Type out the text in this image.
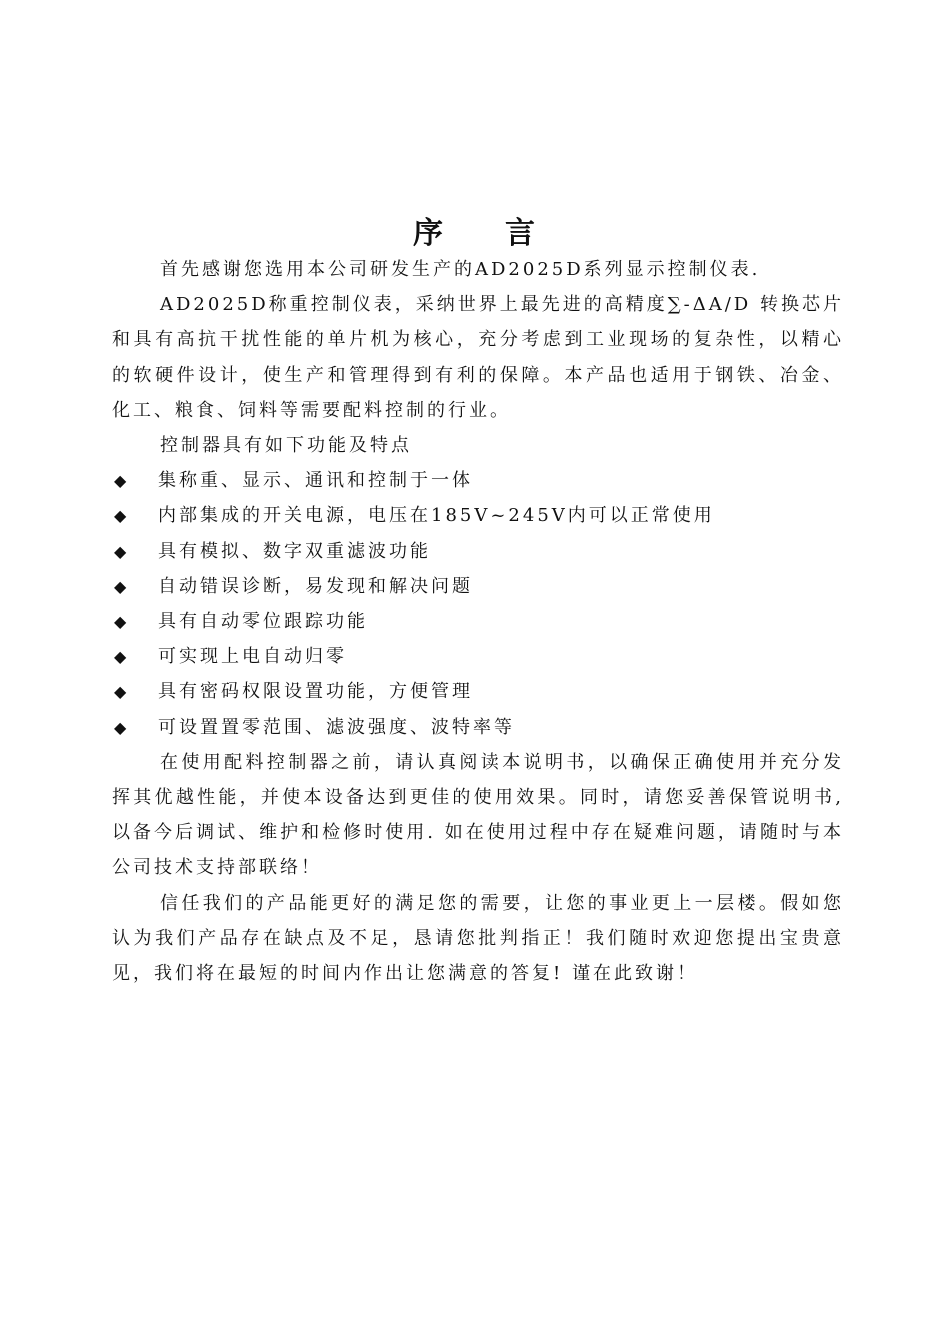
序 言

首先感谢您选用本公司研发生产的AD2025D系列显示控制仪表.

AD2025D称重控制仪表，采纳世界上最先进的高精度∑-ΔA/D 转换芯片和具有高抗干扰性能的单片机为核心，充分考虑到工业现场的复杂性，以精心的软硬件设计，使生产和管理得到有利的保障。本产品也适用于钢铁、冶金、化工、粮食、饲料等需要配料控制的行业。

控制器具有如下功能及特点

◆ 集称重、显示、通讯和控制于一体
◆ 内部集成的开关电源，电压在185V~245V内可以正常使用
◆ 具有模拟、数字双重滤波功能
◆ 自动错误诊断，易发现和解决问题
◆ 具有自动零位跟踪功能
◆ 可实现上电自动归零
◆ 具有密码权限设置功能，方便管理
◆ 可设置置零范围、滤波强度、波特率等

在使用配料控制器之前，请认真阅读本说明书，以确保正确使用并充分发挥其优越性能，并使本设备达到更佳的使用效果。同时，请您妥善保管说明书, 以备今后调试、维护和检修时使用. 如在使用过程中存在疑难问题，请随时与本公司技术支持部联络！

信任我们的产品能更好的满足您的需要，让您的事业更上一层楼。假如您认为我们产品存在缺点及不足，恳请您批判指正！我们随时欢迎您提出宝贵意见，我们将在最短的时间内作出让您满意的答复! 谨在此致谢！
